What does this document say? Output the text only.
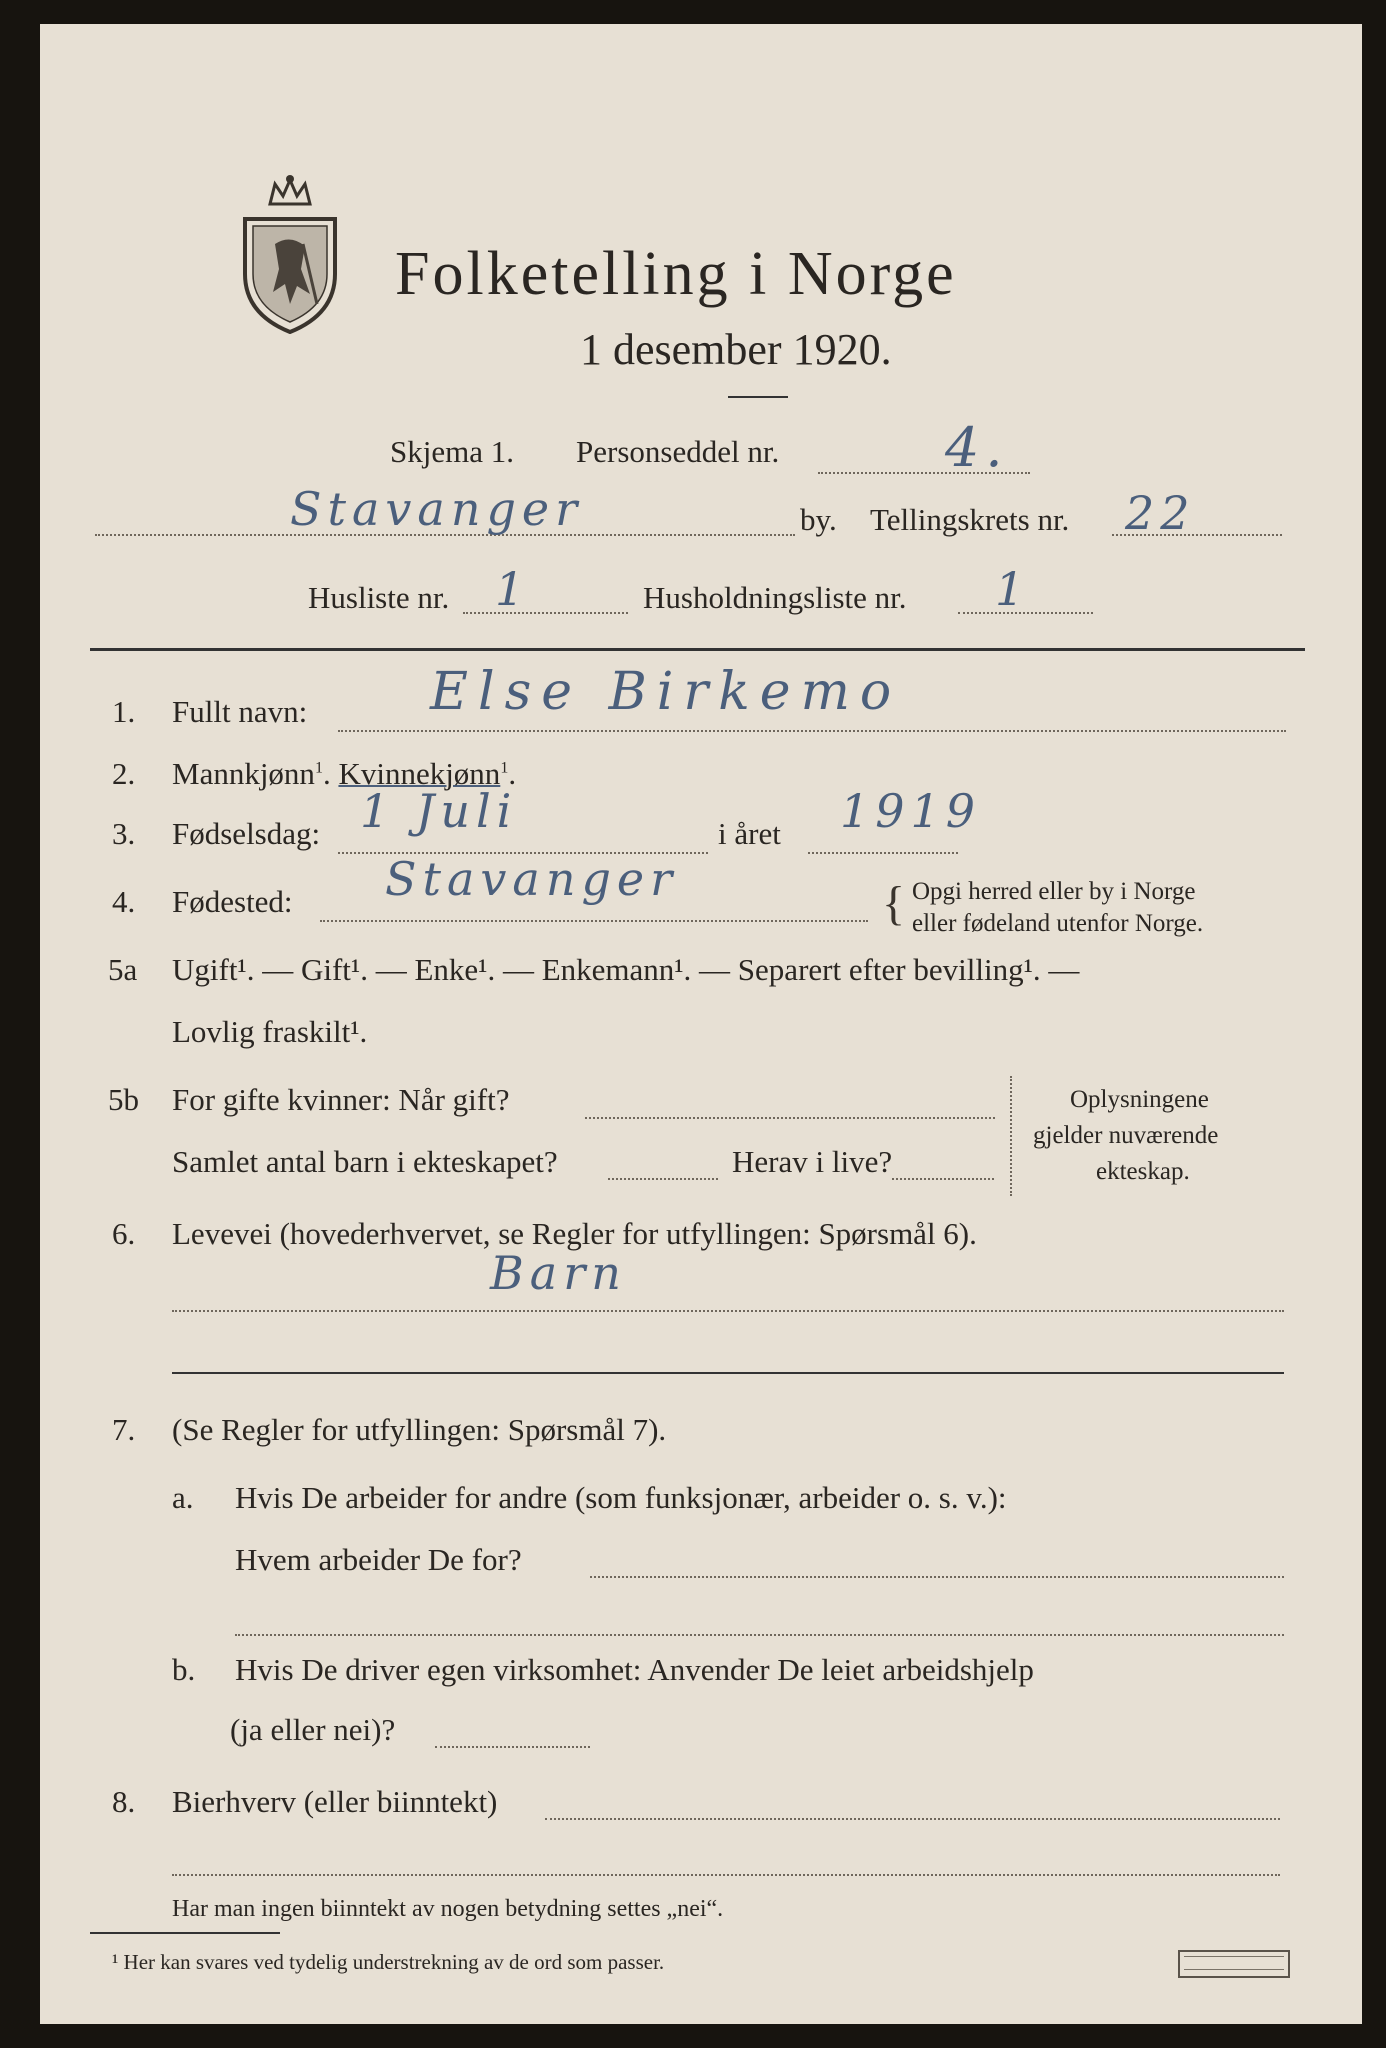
Folketelling i Norge
1 desember 1920.
Skjema 1. Personseddel nr.	4.
Stavanger	by. Tellingskrets nr. 22
Husliste nr. 1	Husholdningsliste nr. 1
1. Fullt navn: Else Birkemo
2. Mannkjønn$^1$. Kvinnekjønn$^1$.
3. Fødselsdag: 1 Juli	i året 1919
4. Fødested: Stavanger	{ Opgi herred eller by i Norge
eller fødeland utenfor Norge.
5a Ugift¹. — Gift¹. — Enke¹. — Enkemann¹. — Separert efter bevilling¹. —
Lovlig fraskilt¹.
5b For gifte kvinner: Når gift?
Samlet antal barn i ekteskapet?	Herav i live?
Oplysningene
gjelder nuværende
ekteskap.
6. Levevei (hovederhvervet, se Regler for utfyllingen: Spørsmål 6).
Barn
7. (Se Regler for utfyllingen: Spørsmål 7).
a. Hvis De arbeider for andre (som funksjonær, arbeider o. s. v.):
Hvem arbeider De for?
b. Hvis De driver egen virksomhet: Anvender De leiet arbeidshjelp
(ja eller nei)?
8. Bierhverv (eller biinntekt)
Har man ingen biinntekt av nogen betydning settes „nei“.
¹ Her kan svares ved tydelig understrekning av de ord som passer.
